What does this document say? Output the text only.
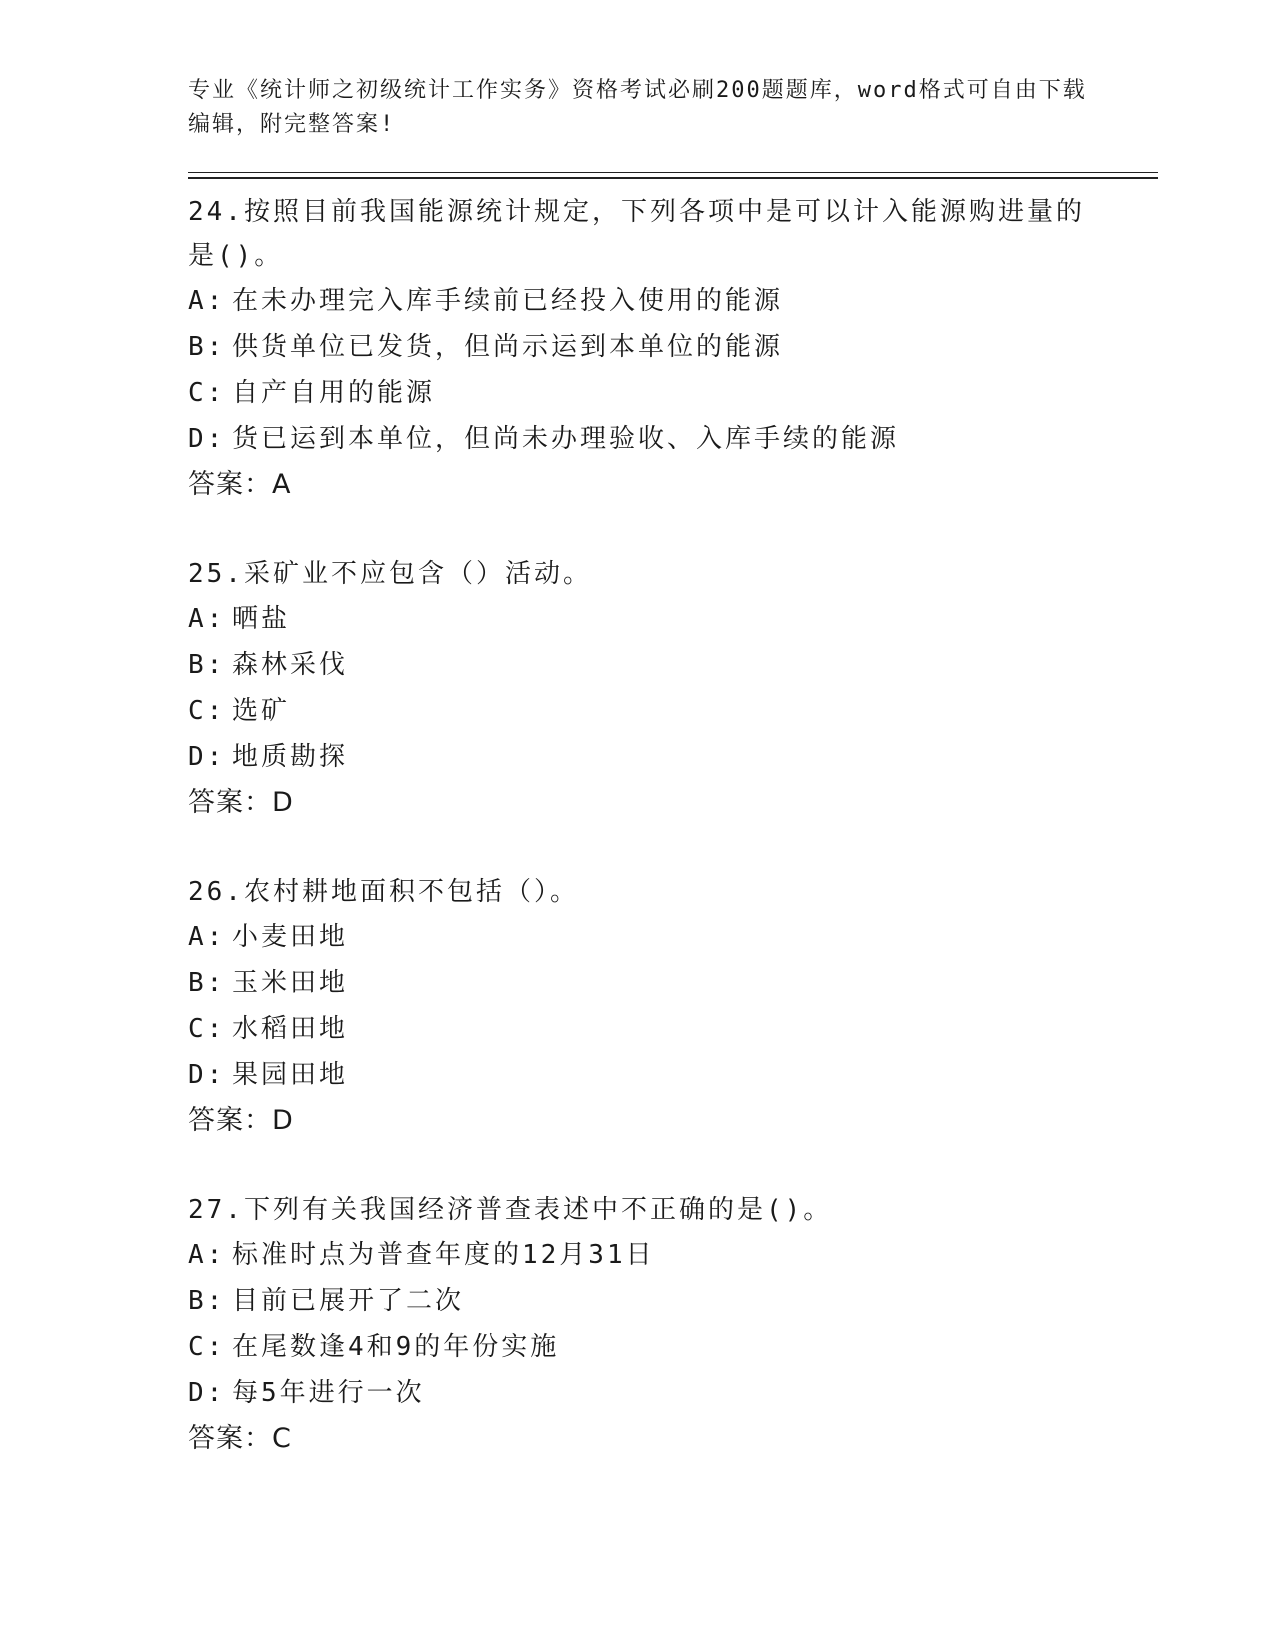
专业《统计师之初级统计工作实务》资格考试必刷200题题库，word格式可自由下载编辑，附完整答案!
24.按照目前我国能源统计规定，下列各项中是可以计入能源购进量的是()。
A: 在未办理完入库手续前已经投入使用的能源
B: 供货单位已发货，但尚示运到本单位的能源
C: 自产自用的能源
D: 货已运到本单位，但尚未办理验收、入库手续的能源
答案：A
25.采矿业不应包含（）活动。
A: 晒盐
B: 森林采伐
C: 选矿
D: 地质勘探
答案：D
26.农村耕地面积不包括（）。
A: 小麦田地
B: 玉米田地
C: 水稻田地
D: 果园田地
答案：D
27.下列有关我国经济普查表述中不正确的是()。
A: 标准时点为普查年度的12月31日
B: 目前已展开了二次
C: 在尾数逢4和9的年份实施
D: 每5年进行一次
答案：C
